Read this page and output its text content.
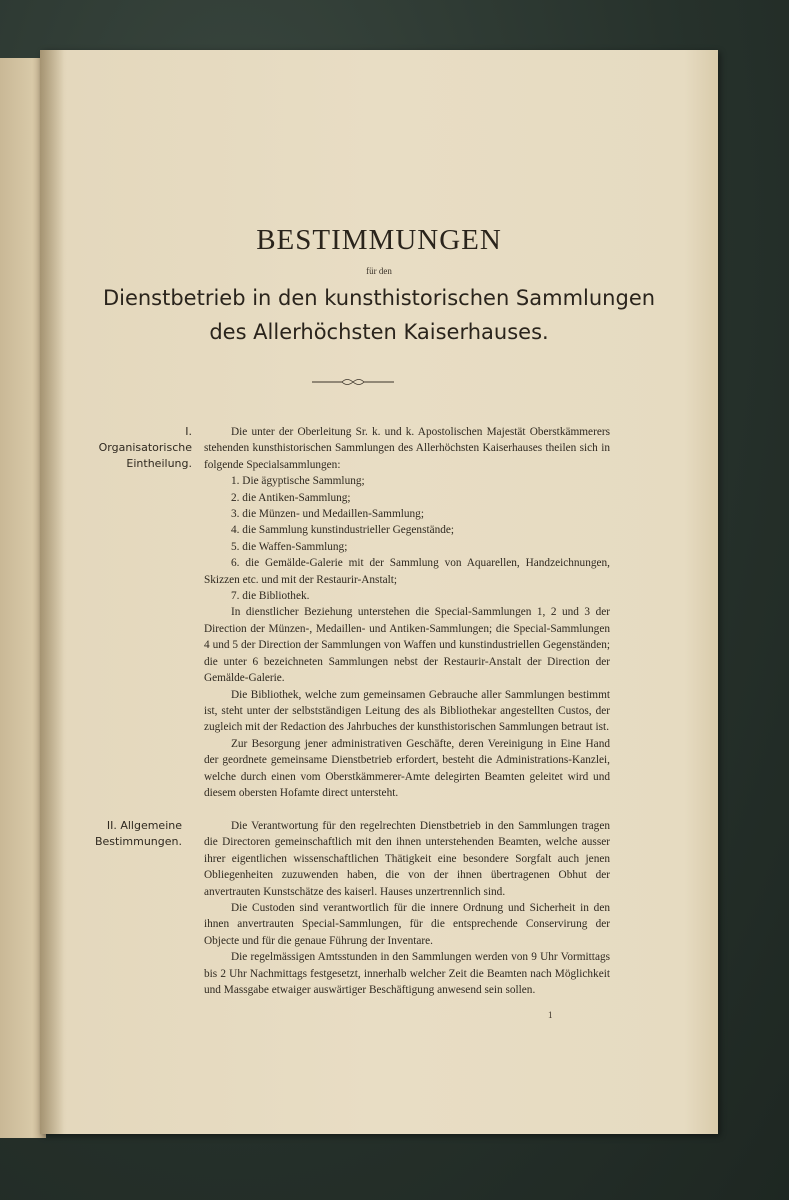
BESTIMMUNGEN
für den
Dienstbetrieb in den kunsthistorischen Sammlungen
des Allerhöchsten Kaiserhauses.
I. Organisatorische
Eintheilung.

Die unter der Oberleitung Sr. k. und k. Apostolischen Majestät Oberstkämmerers stehenden kunsthistorischen Sammlungen des Allerhöchsten Kaiserhauses theilen sich in folgende Specialsammlungen:

1. Die ägyptische Sammlung;
2. die Antiken-Sammlung;
3. die Münzen- und Medaillen-Sammlung;
4. die Sammlung kunstindustrieller Gegenstände;
5. die Waffen-Sammlung;
6. die Gemälde-Galerie mit der Sammlung von Aquarellen, Handzeichnungen, Skizzen etc. und mit der Restaurir-Anstalt;
7. die Bibliothek.

In dienstlicher Beziehung unterstehen die Special-Sammlungen 1, 2 und 3 der Direction der Münzen-, Medaillen- und Antiken-Sammlungen; die Special-Sammlungen 4 und 5 der Direction der Sammlungen von Waffen und kunstindustriellen Gegenständen; die unter 6 bezeichneten Sammlungen nebst der Restaurir-Anstalt der Direction der Gemälde-Galerie.

Die Bibliothek, welche zum gemeinsamen Gebrauche aller Sammlungen bestimmt ist, steht unter der selbstständigen Leitung des als Bibliothekar angestellten Custos, der zugleich mit der Redaction des Jahrbuches der kunsthistorischen Sammlungen betraut ist.

Zur Besorgung jener administrativen Geschäfte, deren Vereinigung in Eine Hand der geordnete gemeinsame Dienstbetrieb erfordert, besteht die Administrations-Kanzlei, welche durch einen vom Oberstkämmerer-Amte delegirten Beamten geleitet wird und diesem obersten Hofamte direct untersteht.

II. Allgemeine
Bestimmungen.

Die Verantwortung für den regelrechten Dienstbetrieb in den Sammlungen tragen die Directoren gemeinschaftlich mit den ihnen unterstehenden Beamten, welche ausser ihrer eigentlichen wissenschaftlichen Thätigkeit eine besondere Sorgfalt auch jenen Obliegenheiten zuzuwenden haben, die von der ihnen übertragenen Obhut der anvertrauten Kunstschätze des kaiserl. Hauses unzertrennlich sind.

Die Custoden sind verantwortlich für die innere Ordnung und Sicherheit in den ihnen anvertrauten Special-Sammlungen, für die entsprechende Conservirung der Objecte und für die genaue Führung der Inventare.

Die regelmässigen Amtsstunden in den Sammlungen werden von 9 Uhr Vormittags bis 2 Uhr Nachmittags festgesetzt, innerhalb welcher Zeit die Beamten nach Möglichkeit und Massgabe etwaiger auswärtiger Beschäftigung anwesend sein sollen.

1
